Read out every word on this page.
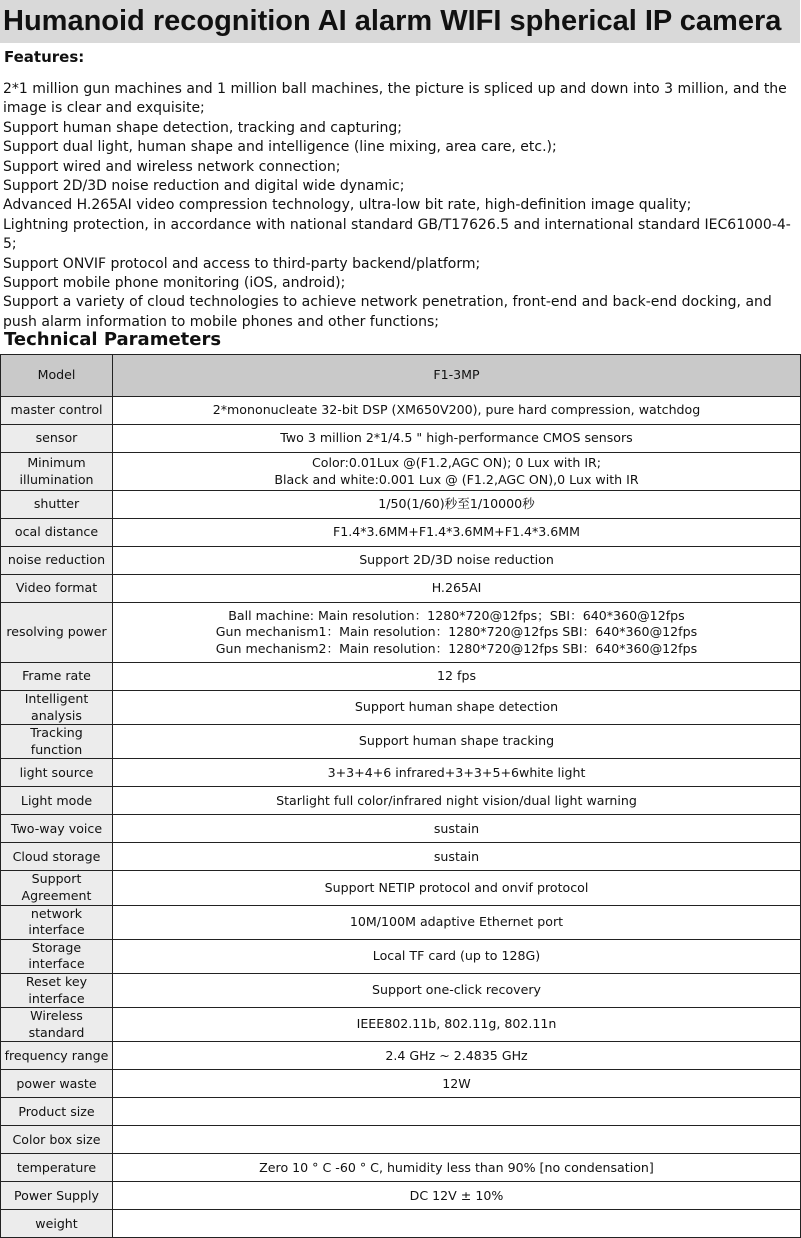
Humanoid recognition AI alarm WIFI spherical IP camera
Features:
2*1 million gun machines and 1 million ball machines, the picture is spliced up and down into 3 million, and the image is clear and exquisite;
Support human shape detection, tracking and capturing;
Support dual light, human shape and intelligence (line mixing, area care, etc.);
Support wired and wireless network connection;
Support 2D/3D noise reduction and digital wide dynamic;
Advanced H.265AI video compression technology, ultra-low bit rate, high-definition image quality;
Lightning protection, in accordance with national standard GB/T17626.5 and international standard IEC61000-4-5;
Support ONVIF protocol and access to third-party backend/platform;
Support mobile phone monitoring (iOS, android);
Support a variety of cloud technologies to achieve network penetration, front-end and back-end docking, and push alarm information to mobile phones and other functions;
Technical Parameters
Model	F1-3MP
master control	2*mononucleate 32-bit DSP (XM650V200), pure hard compression, watchdog
sensor	Two 3 million 2*1/4.5 " high-performance CMOS sensors
Minimum illumination	Color:0.01Lux @(F1.2,AGC ON); 0 Lux with IR;
Black and white:0.001 Lux @ (F1.2,AGC ON),0 Lux with IR
shutter	1/50(1/60)秒至1/10000秒
ocal distance	F1.4*3.6MM+F1.4*3.6MM+F1.4*3.6MM
noise reduction	Support 2D/3D noise reduction
Video format	H.265AI
resolving power	Ball machine: Main resolution：1280*720@12fps；SBI：640*360@12fps
Gun mechanism1：Main resolution：1280*720@12fps SBI：640*360@12fps
Gun mechanism2：Main resolution：1280*720@12fps SBI：640*360@12fps
Frame rate	12 fps
Intelligent analysis	Support human shape detection
Tracking function	Support human shape tracking
light source	3+3+4+6 infrared+3+3+5+6white light
Light mode	Starlight full color/infrared night vision/dual light warning
Two-way voice	sustain
Cloud storage	sustain
Support Agreement	Support NETIP protocol and onvif protocol
network interface	10M/100M adaptive Ethernet port
Storage interface	Local TF card (up to 128G)
Reset key interface	Support one-click recovery
Wireless standard	IEEE802.11b, 802.11g, 802.11n
frequency range	2.4 GHz ~ 2.4835 GHz
power waste	12W
Product size	
Color box size	
temperature	Zero 10 ° C -60 ° C, humidity less than 90% [no condensation]
Power Supply	DC 12V ± 10%
weight	
